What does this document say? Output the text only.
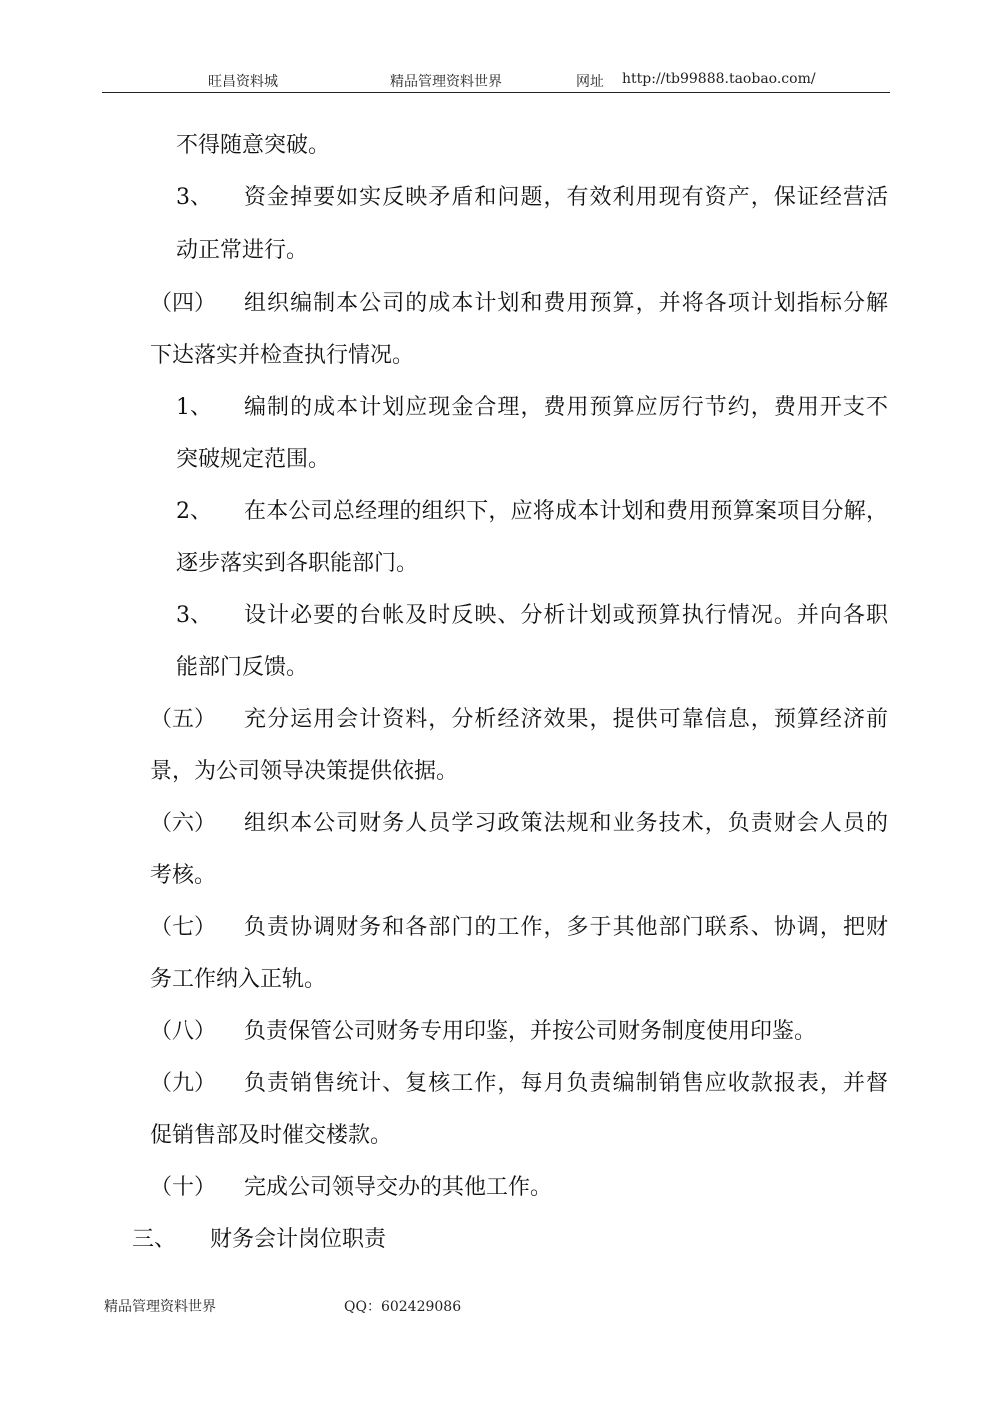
旺昌资料城	精品管理资料世界	网址 http://tb99888.taobao.com/
不得随意突破。
3、 资金掉要如实反映矛盾和问题，有效利用现有资产，保证经营活
动正常进行。
（四） 组织编制本公司的成本计划和费用预算，并将各项计划指标分解
下达落实并检查执行情况。
1、 编制的成本计划应现金合理，费用预算应厉行节约，费用开支不
突破规定范围。
2、 在本公司总经理的组织下，应将成本计划和费用预算案项目分解，
逐步落实到各职能部门。
3、 设计必要的台帐及时反映、分析计划或预算执行情况。并向各职
能部门反馈。
（五） 充分运用会计资料，分析经济效果，提供可靠信息，预算经济前
景，为公司领导决策提供依据。
（六） 组织本公司财务人员学习政策法规和业务技术，负责财会人员的
考核。
（七） 负责协调财务和各部门的工作，多于其他部门联系、协调，把财
务工作纳入正轨。
（八） 负责保管公司财务专用印鉴，并按公司财务制度使用印鉴。
（九） 负责销售统计、复核工作，每月负责编制销售应收款报表，并督
促销售部及时催交楼款。
（十） 完成公司领导交办的其他工作。
三、 财务会计岗位职责
精品管理资料世界	QQ：602429086
